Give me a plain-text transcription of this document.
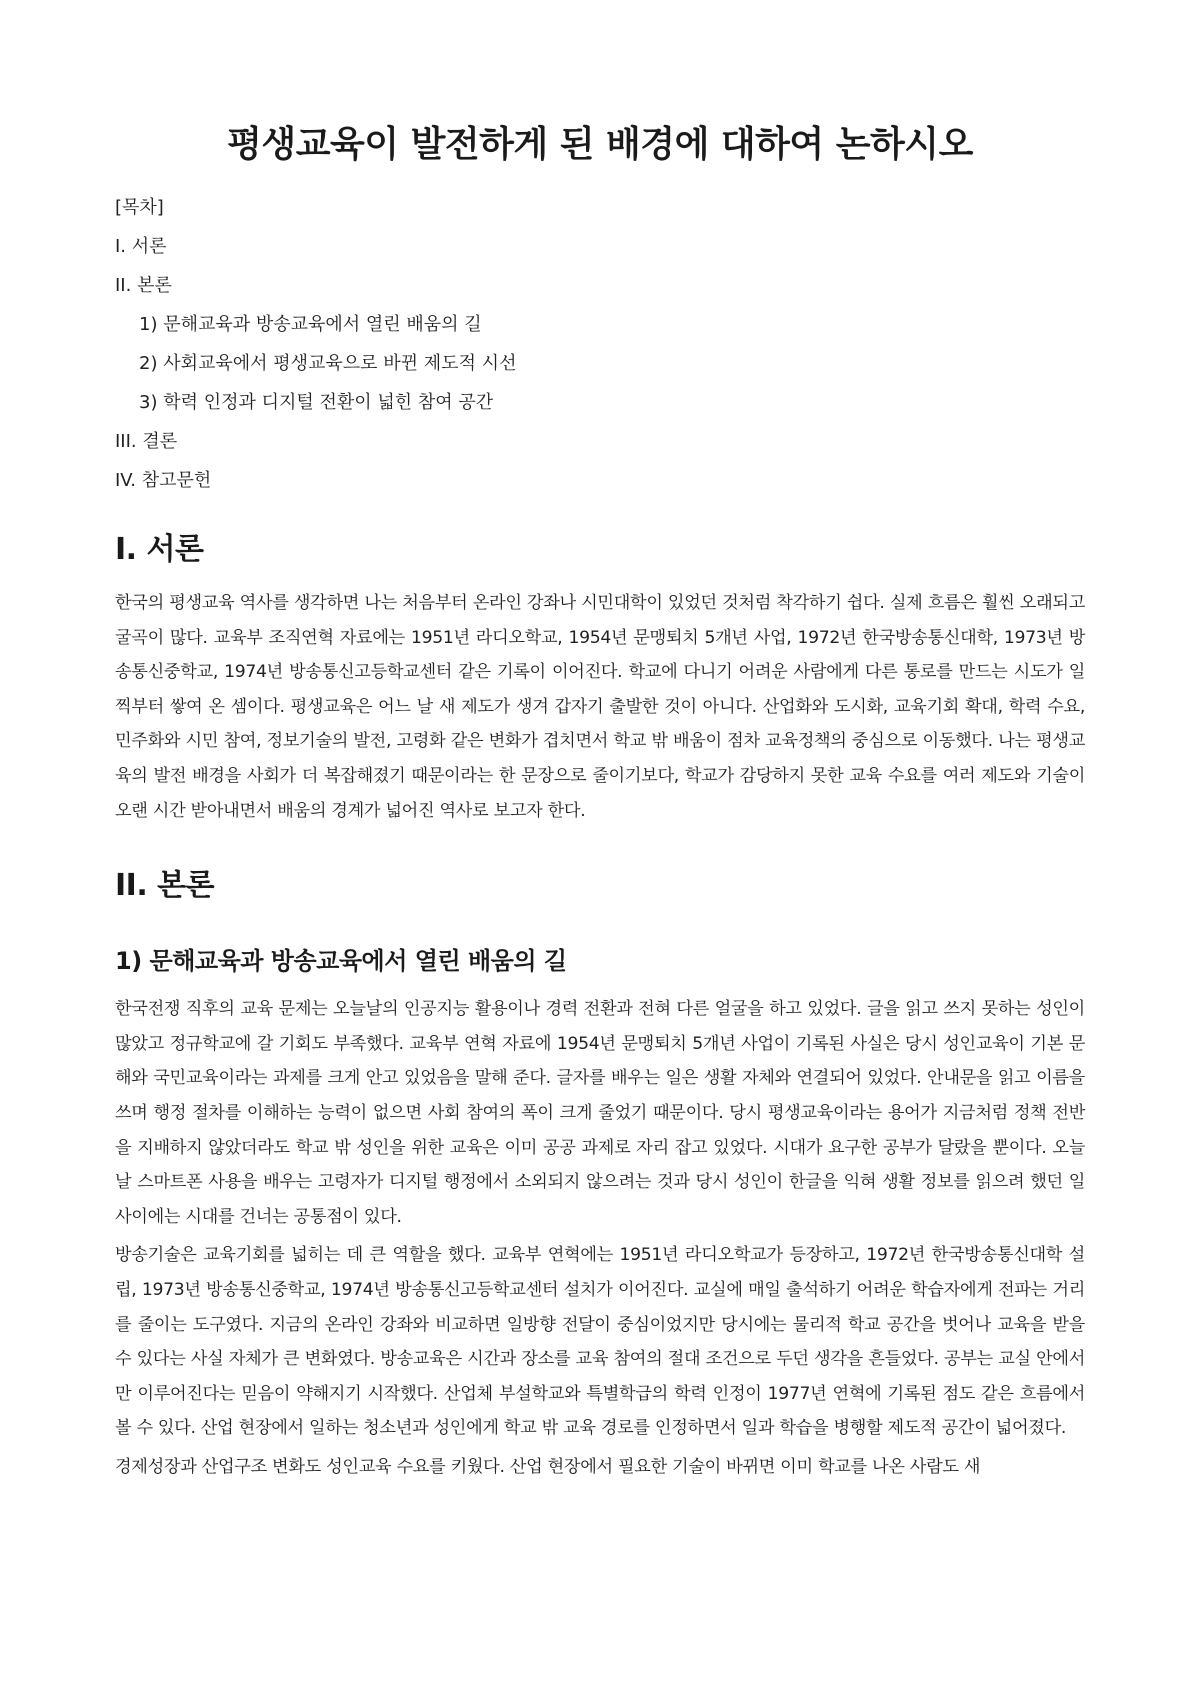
평생교육이 발전하게 된 배경에 대하여 논하시오
[목차]
I. 서론
II. 본론
1) 문해교육과 방송교육에서 열린 배움의 길
2) 사회교육에서 평생교육으로 바뀐 제도적 시선
3) 학력 인정과 디지털 전환이 넓힌 참여 공간
III. 결론
IV. 참고문헌
I. 서론

한국의 평생교육 역사를 생각하면 나는 처음부터 온라인 강좌나 시민대학이 있었던 것처럼 착각하기 쉽다. 실제 흐름은 훨씬 오래되고 굴곡이 많다. 교육부 조직연혁 자료에는 1951년 라디오학교, 1954년 문맹퇴치 5개년 사업, 1972년 한국방송통신대학, 1973년 방송통신중학교, 1974년 방송통신고등학교센터 같은 기록이 이어진다. 학교에 다니기 어려운 사람에게 다른 통로를 만드는 시도가 일찍부터 쌓여 온 셈이다. 평생교육은 어느 날 새 제도가 생겨 갑자기 출발한 것이 아니다. 산업화와 도시화, 교육기회 확대, 학력 수요, 민주화와 시민 참여, 정보기술의 발전, 고령화 같은 변화가 겹치면서 학교 밖 배움이 점차 교육정책의 중심으로 이동했다. 나는 평생교육의 발전 배경을 사회가 더 복잡해졌기 때문이라는 한 문장으로 줄이기보다, 학교가 감당하지 못한 교육 수요를 여러 제도와 기술이 오랜 시간 받아내면서 배움의 경계가 넓어진 역사로 보고자 한다.

II. 본론
1) 문해교육과 방송교육에서 열린 배움의 길

한국전쟁 직후의 교육 문제는 오늘날의 인공지능 활용이나 경력 전환과 전혀 다른 얼굴을 하고 있었다. 글을 읽고 쓰지 못하는 성인이 많았고 정규학교에 갈 기회도 부족했다. 교육부 연혁 자료에 1954년 문맹퇴치 5개년 사업이 기록된 사실은 당시 성인교육이 기본 문해와 국민교육이라는 과제를 크게 안고 있었음을 말해 준다. 글자를 배우는 일은 생활 자체와 연결되어 있었다. 안내문을 읽고 이름을 쓰며 행정 절차를 이해하는 능력이 없으면 사회 참여의 폭이 크게 줄었기 때문이다. 당시 평생교육이라는 용어가 지금처럼 정책 전반을 지배하지 않았더라도 학교 밖 성인을 위한 교육은 이미 공공 과제로 자리 잡고 있었다. 시대가 요구한 공부가 달랐을 뿐이다. 오늘날 스마트폰 사용을 배우는 고령자가 디지털 행정에서 소외되지 않으려는 것과 당시 성인이 한글을 익혀 생활 정보를 읽으려 했던 일 사이에는 시대를 건너는 공통점이 있다.

방송기술은 교육기회를 넓히는 데 큰 역할을 했다. 교육부 연혁에는 1951년 라디오학교가 등장하고, 1972년 한국방송통신대학 설립, 1973년 방송통신중학교, 1974년 방송통신고등학교센터 설치가 이어진다. 교실에 매일 출석하기 어려운 학습자에게 전파는 거리를 줄이는 도구였다. 지금의 온라인 강좌와 비교하면 일방향 전달이 중심이었지만 당시에는 물리적 학교 공간을 벗어나 교육을 받을 수 있다는 사실 자체가 큰 변화였다. 방송교육은 시간과 장소를 교육 참여의 절대 조건으로 두던 생각을 흔들었다. 공부는 교실 안에서만 이루어진다는 믿음이 약해지기 시작했다. 산업체 부설학교와 특별학급의 학력 인정이 1977년 연혁에 기록된 점도 같은 흐름에서 볼 수 있다. 산업 현장에서 일하는 청소년과 성인에게 학교 밖 교육 경로를 인정하면서 일과 학습을 병행할 제도적 공간이 넓어졌다.

경제성장과 산업구조 변화도 성인교육 수요를 키웠다. 산업 현장에서 필요한 기술이 바뀌면 이미 학교를 나온 사람도 새
